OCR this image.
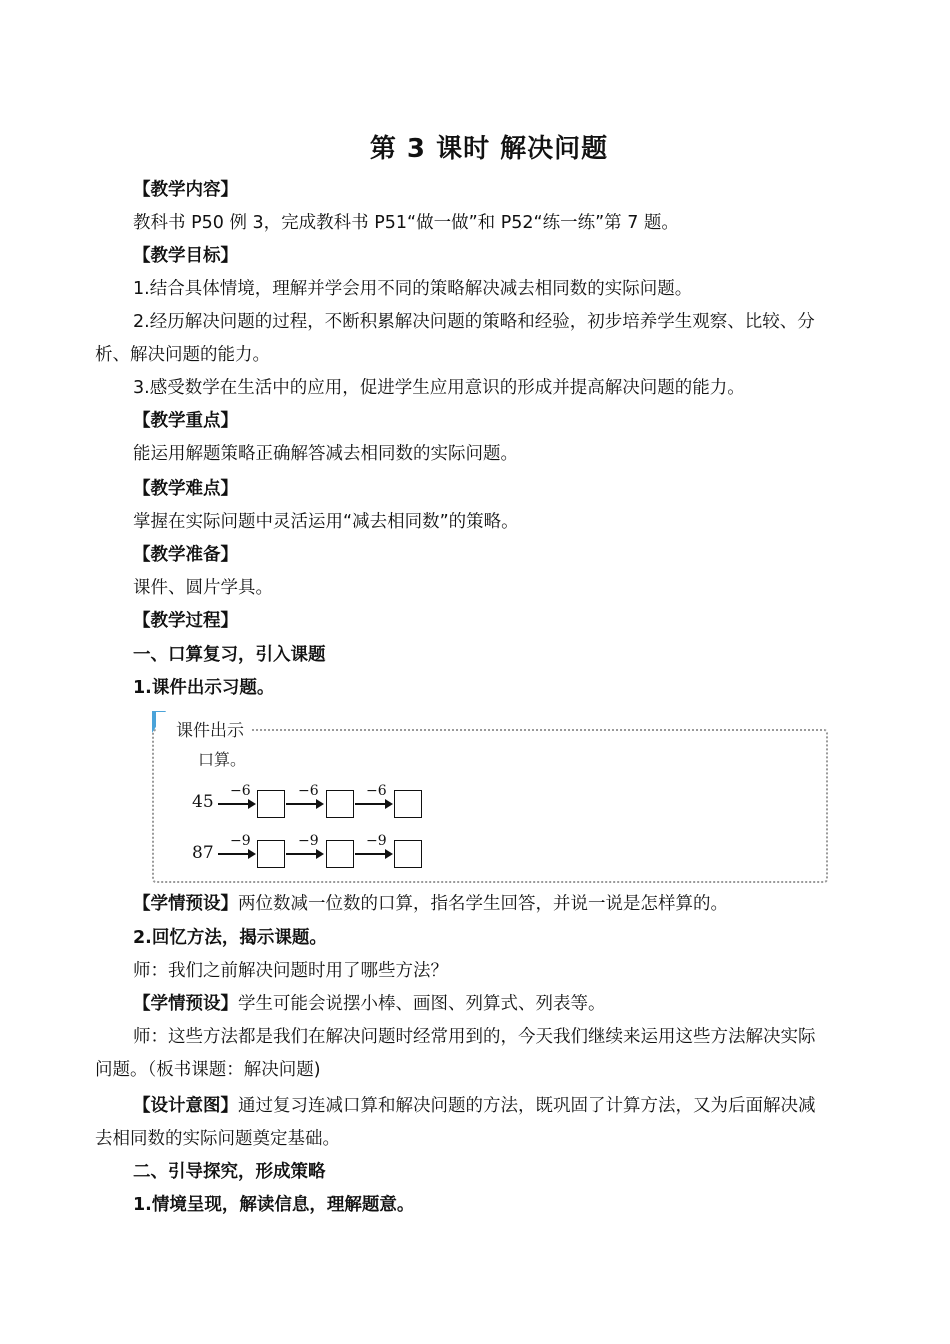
第 3 课时 解决问题
【教学内容】
教科书 P50 例 3，完成教科书 P51“做一做”和 P52“练一练”第 7 题。
【教学目标】
1.结合具体情境，理解并学会用不同的策略解决减去相同数的实际问题。
2.经历解决问题的过程，不断积累解决问题的策略和经验，初步培养学生观察、比较、分
析、解决问题的能力。
3.感受数学在生活中的应用，促进学生应用意识的形成并提高解决问题的能力。
【教学重点】
能运用解题策略正确解答减去相同数的实际问题。
【教学难点】
掌握在实际问题中灵活运用“减去相同数”的策略。
【教学准备】
课件、圆片学具。
【教学过程】
一、口算复习，引入课题
1.课件出示习题。
课件出示
口算。
45
−6	−6	−6
87
−9	−9	−9
【学情预设】两位数减一位数的口算，指名学生回答，并说一说是怎样算的。
2.回忆方法，揭示课题。
师：我们之前解决问题时用了哪些方法？
【学情预设】学生可能会说摆小棒、画图、列算式、列表等。
师：这些方法都是我们在解决问题时经常用到的，今天我们继续来运用这些方法解决实际
问题。（板书课题：解决问题)
【设计意图】通过复习连减口算和解决问题的方法，既巩固了计算方法，又为后面解决减
去相同数的实际问题奠定基础。
二、引导探究，形成策略
1.情境呈现，解读信息，理解题意。
